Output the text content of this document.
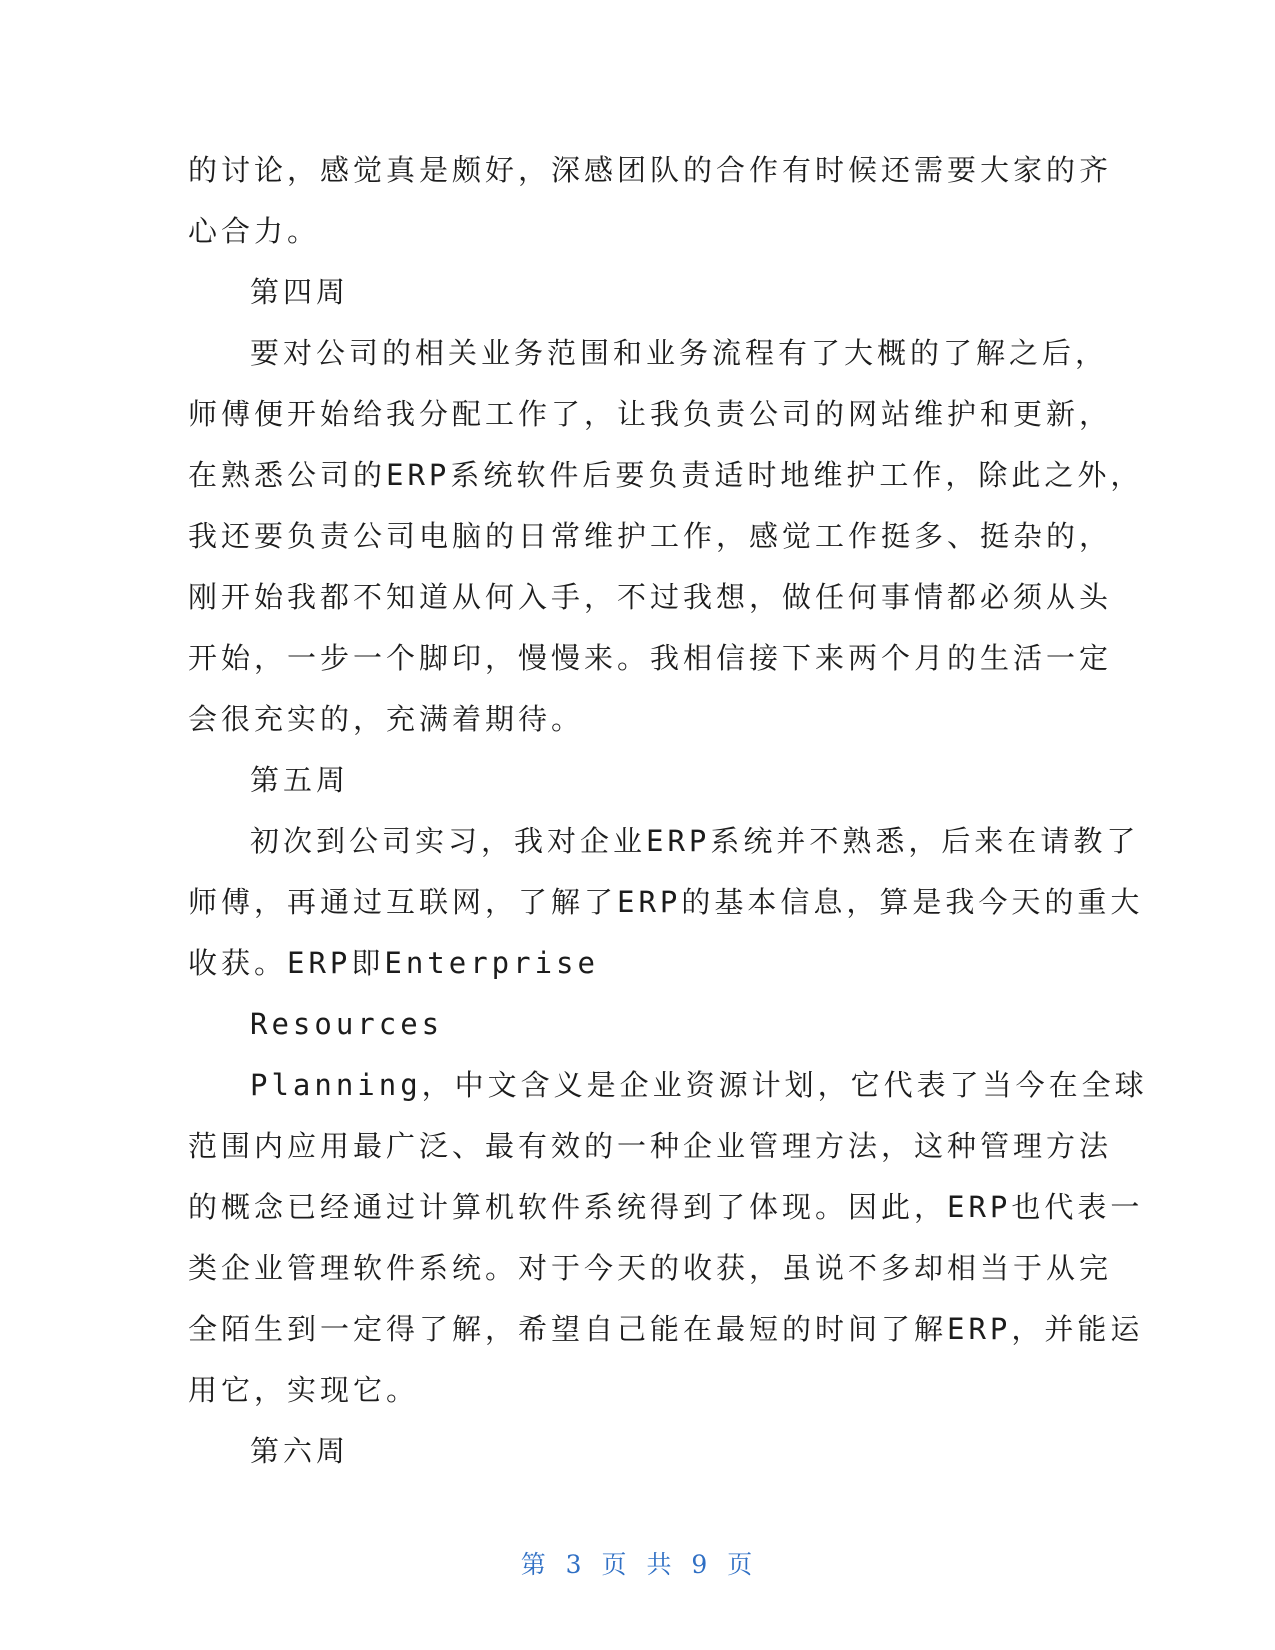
的讨论，感觉真是颇好，深感团队的合作有时候还需要大家的齐
心合力。
第四周
要对公司的相关业务范围和业务流程有了大概的了解之后，
师傅便开始给我分配工作了，让我负责公司的网站维护和更新，
在熟悉公司的ERP系统软件后要负责适时地维护工作，除此之外，
我还要负责公司电脑的日常维护工作，感觉工作挺多、挺杂的，
刚开始我都不知道从何入手，不过我想，做任何事情都必须从头
开始，一步一个脚印，慢慢来。我相信接下来两个月的生活一定
会很充实的，充满着期待。
第五周
初次到公司实习，我对企业ERP系统并不熟悉，后来在请教了
师傅，再通过互联网，了解了ERP的基本信息，算是我今天的重大
收获。ERP即Enterprise
Resources
Planning，中文含义是企业资源计划，它代表了当今在全球
范围内应用最广泛、最有效的一种企业管理方法，这种管理方法
的概念已经通过计算机软件系统得到了体现。因此，ERP也代表一
类企业管理软件系统。对于今天的收获，虽说不多却相当于从完
全陌生到一定得了解，希望自己能在最短的时间了解ERP，并能运
用它，实现它。
第六周
第 3 页 共 9 页
